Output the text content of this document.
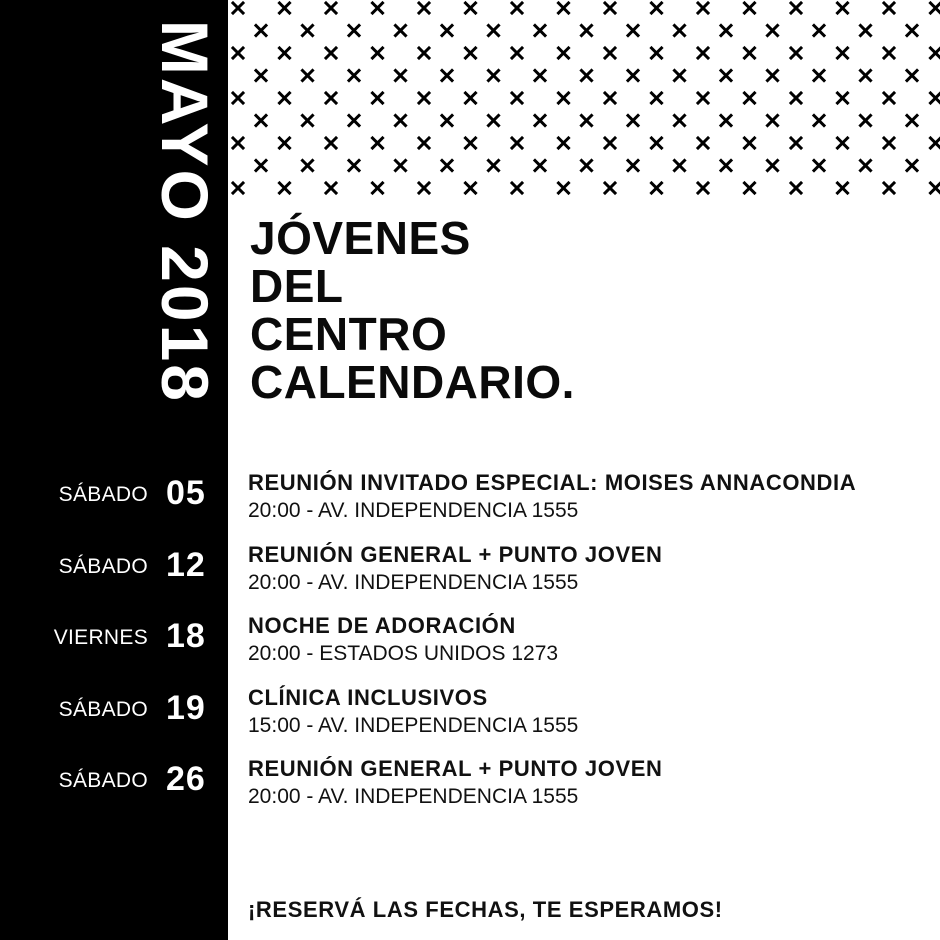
MAYO 2018 JÓVENES
DEL
CENTRO
CALENDARIO.
SÁBADO 05 REUNIÓN INVITADO ESPECIAL: MOISES ANNACONDIA
20:00 - AV. INDEPENDENCIA 1555
SÁBADO 12 REUNIÓN GENERAL + PUNTO JOVEN
20:00 - AV. INDEPENDENCIA 1555
VIERNES 18 NOCHE DE ADORACIÓN
20:00 - ESTADOS UNIDOS 1273
SÁBADO 19 CLÍNICA INCLUSIVOS
15:00 - AV. INDEPENDENCIA 1555
SÁBADO 26 REUNIÓN GENERAL + PUNTO JOVEN
20:00 - AV. INDEPENDENCIA 1555
¡RESERVÁ LAS FECHAS, TE ESPERAMOS!
